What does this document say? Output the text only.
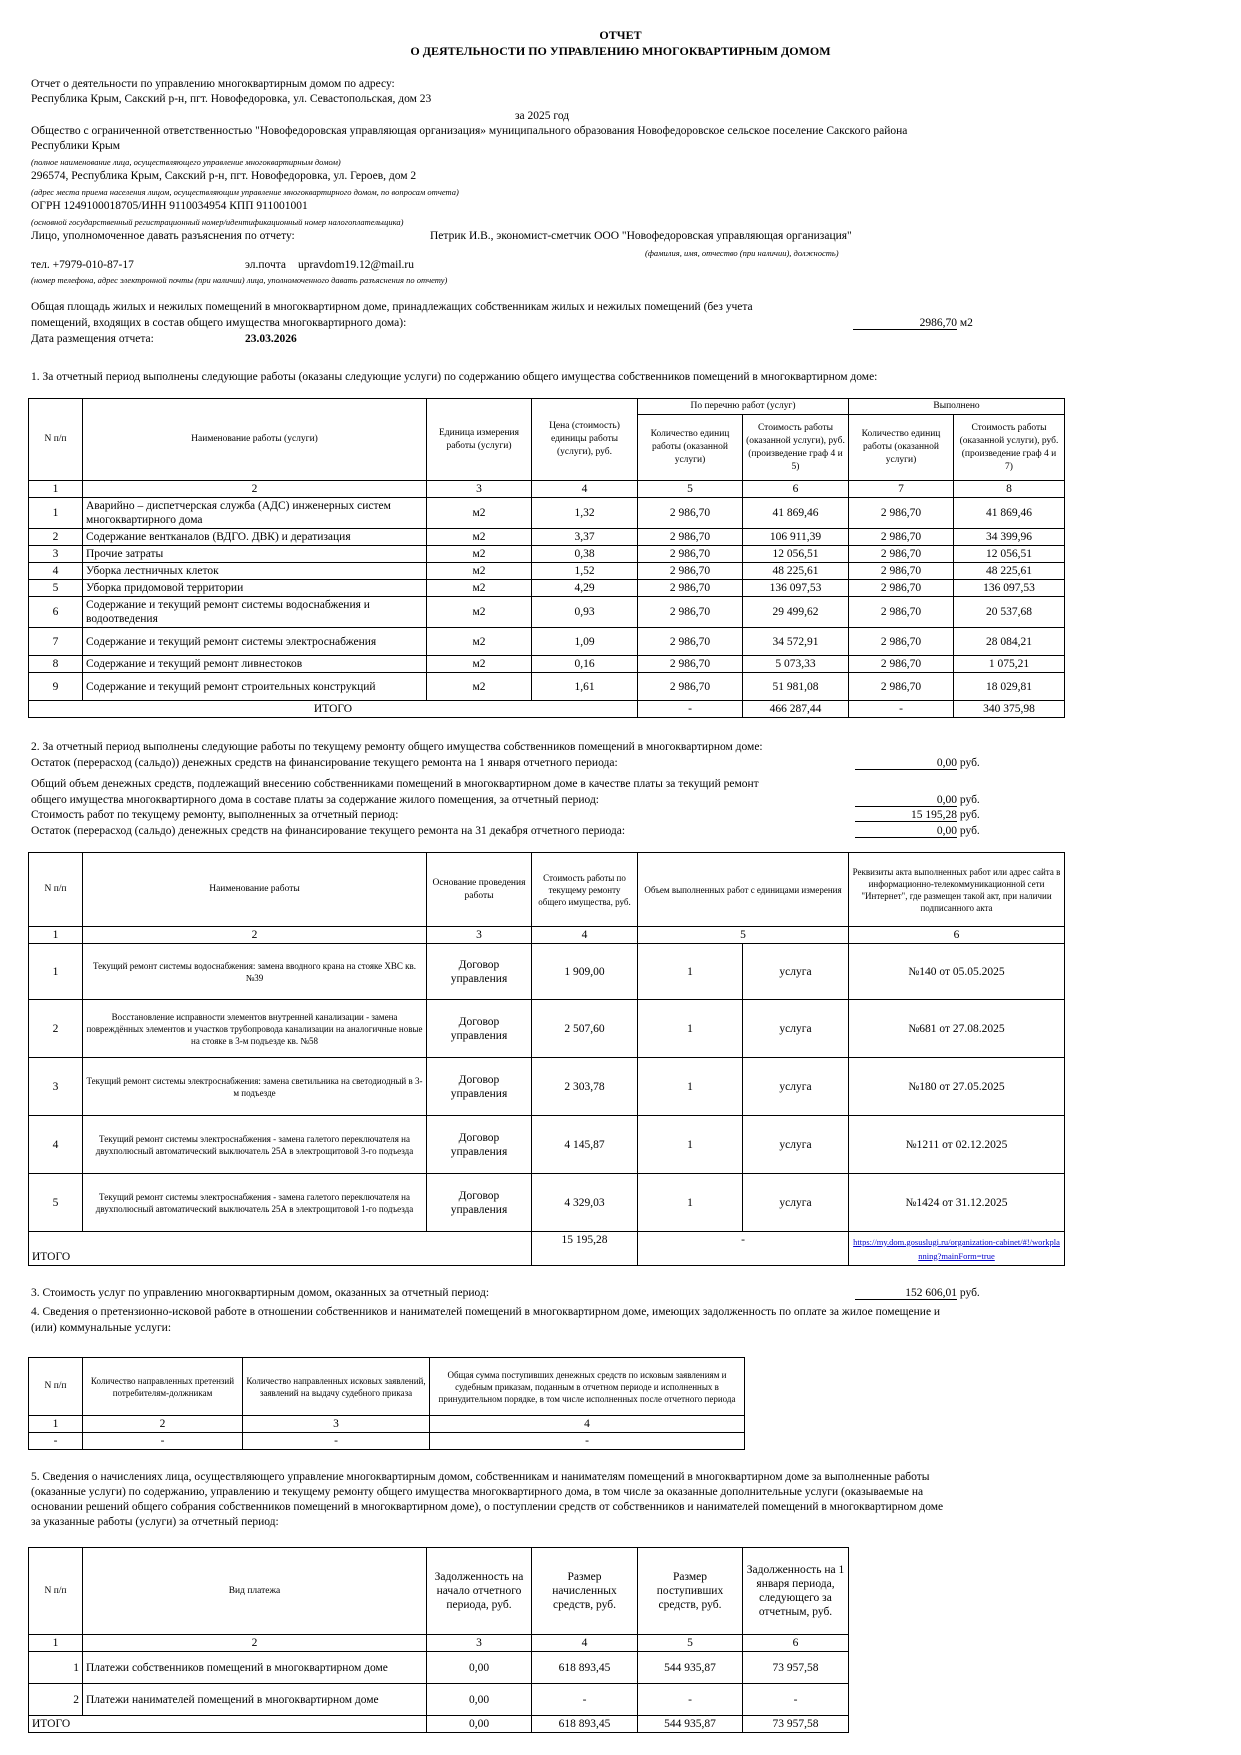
ОТЧЕТ
О ДЕЯТЕЛЬНОСТИ ПО УПРАВЛЕНИЮ МНОГОКВАРТИРНЫМ ДОМОМ
Отчет о деятельности по управлению многоквартирным домом по адресу:
Республика Крым, Сакский р-н, пгт. Новофедоровка, ул. Севастопольская, дом 23
за 2025 год
Общество с ограниченной ответственностью "Новофедоровская управляющая организация» муниципального образования Новофедоровское сельское поселение Сакского района
Республики Крым
(полное наименование лица, осуществляющего управление многоквартирным домом)
296574, Республика Крым, Сакский р-н, пгт. Новофедоровка, ул. Героев, дом 2
(адрес места приема населения лицом, осуществляющим управление многоквартирного домом, по вопросам отчета)
ОГРН 1249100018705/ИНН 9110034954 КПП 911001001
(основной государственный регистрационный номер/идентификационный номер налогоплательщика)
Лицо, уполномоченное давать разъяснения по отчету:	Петрик И.В., экономист-сметчик ООО "Новофедоровская управляющая организация"
(фамилия, имя, отчество (при наличии), должность)
тел. +7979-010-87-17	эл.почта upravdom19.12@mail.ru
(номер телефона, адрес электронной почты (при наличии) лица, уполномоченного давать разъяснения по отчету)
Общая площадь жилых и нежилых помещений в многоквартирном доме, принадлежащих собственникам жилых и нежилых помещений (без учета
помещений, входящих в состав общего имущества многоквартирного дома):	2986,70 м2
Дата размещения отчета:	23.03.2026
1. За отчетный период выполнены следующие работы (оказаны следующие услуги) по содержанию общего имущества собственников помещений в многоквартирном доме:
N п/п	Наименование работы (услуги)	Единица измерения работы (услуги)	Цена (стоимость) единицы работы (услуги), руб.	По перечню работ (услуг)		Выполнено	
				Количество единиц работы (оказанной услуги)	Стоимость работы (оказанной услуги), руб. (произведение граф 4 и 5)	Количество единиц работы (оказанной услуги)	Стоимость работы (оказанной услуги), руб. (произведение граф 4 и 7)
1	2	3	4	5	6	7	8
1	Аварийно – диспетчерская служба (АДС) инженерных систем многоквартирного дома	м2	1,32	2 986,70	41 869,46	2 986,70	41 869,46
2	Содержание вентканалов (ВДГО. ДВК) и дератизация	м2	3,37	2 986,70	106 911,39	2 986,70	34 399,96
3	Прочие затраты	м2	0,38	2 986,70	12 056,51	2 986,70	12 056,51
4	Уборка лестничных клеток	м2	1,52	2 986,70	48 225,61	2 986,70	48 225,61
5	Уборка придомовой территории	м2	4,29	2 986,70	136 097,53	2 986,70	136 097,53
6	Содержание и текущий ремонт системы водоснабжения и водоотведения	м2	0,93	2 986,70	29 499,62	2 986,70	20 537,68
7	Содержание и текущий ремонт системы электроснабжения	м2	1,09	2 986,70	34 572,91	2 986,70	28 084,21
8	Содержание и текущий ремонт ливнестоков	м2	0,16	2 986,70	5 073,33	2 986,70	1 075,21
9	Содержание и текущий ремонт строительных конструкций	м2	1,61	2 986,70	51 981,08	2 986,70	18 029,81
ИТОГО				-	466 287,44	-	340 375,98
2. За отчетный период выполнены следующие работы по текущему ремонту общего имущества собственников помещений в многоквартирном доме:
Остаток (перерасход (сальдо)) денежных средств на финансирование текущего ремонта на 1 января отчетного периода:	0,00 руб.
Общий объем денежных средств, подлежащий внесению собственниками помещений в многоквартирном доме в качестве платы за текущий ремонт
общего имущества многоквартирного дома в составе платы за содержание жилого помещения, за отчетный период:	0,00 руб.
Стоимость работ по текущему ремонту, выполненных за отчетный период:	15 195,28 руб.
Остаток (перерасход (сальдо) денежных средств на финансирование текущего ремонта на 31 декабря отчетного периода:	0,00 руб.
N п/п	Наименование работы	Основание проведения работы	Стоимость работы по текущему ремонту общего имущества, руб.	Объем выполненных работ с единицами измерения		Реквизиты акта выполненных работ или адрес сайта в информационно-телекоммуникационной сети "Интернет", где размещен такой акт, при наличии подписанного акта
1	2	3	4	5		6
1	Текущий ремонт системы водоснабжения: замена вводного крана на стояке ХВС кв.№39	Договор управления	1 909,00	1	услуга	№140 от 05.05.2025
2	Восстановление исправности элементов внутренней канализации - замена повреждённых элементов и участков трубопровода канализации на аналогичные новые на стояке в 3-м подъезде кв. №58	Договор управления	2 507,60	1	услуга	№681 от 27.08.2025
3	Текущий ремонт системы электроснабжения: замена светильника на светодиодный в 3-м подъезде	Договор управления	2 303,78	1	услуга	№180 от 27.05.2025
4	Текущий ремонт системы электроснабжения - замена галетого переключателя на двухполюсный автоматический выключатель 25А в электрощитовой 3-го подъезда	Договор управления	4 145,87	1	услуга	№1211 от 02.12.2025
5	Текущий ремонт системы электроснабжения - замена галетого переключателя на двухполюсный автоматический выключатель 25А в электрощитовой 1-го подъезда	Договор управления	4 329,03	1	услуга	№1424 от 31.12.2025
ИТОГО			15 195,28	-		https://my.dom.gosuslugi.ru/organization-cabinet/#!/workplanning?mainForm=true
3. Стоимость услуг по управлению многоквартирным домом, оказанных за отчетный период:	152 606,01 руб.
4. Сведения о претензионно-исковой работе в отношении собственников и нанимателей помещений в многоквартирном доме, имеющих задолженность по оплате за жилое помещение и
(или) коммунальные услуги:
N п/п	Количество направленных претензий потребителям-должникам	Количество направленных исковых заявлений, заявлений на выдачу судебного приказа	Общая сумма поступивших денежных средств по исковым заявлениям и судебным приказам, поданным в отчетном периоде и исполненных в принудительном порядке, в том числе исполненных после отчетного периода
1	2	3	4
-	-	-	-
5. Сведения о начислениях лица, осуществляющего управление многоквартирным домом, собственникам и нанимателям помещений в многоквартирном доме за выполненные работы
(оказанные услуги) по содержанию, управлению и текущему ремонту общего имущества многоквартирного дома, в том числе за оказанные дополнительные услуги (оказываемые на
основании решений общего собрания собственников помещений в многоквартирном доме), о поступлении средств от собственников и нанимателей помещений в многоквартирном доме
за указанные работы (услуги) за отчетный период:
N п/п	Вид платежа	Задолженность на начало отчетного периода, руб.	Размер начисленных средств, руб.	Размер поступивших средств, руб.	Задолженность на 1 января периода, следующего за отчетным, руб.
1	2	3	4	5	6
1	Платежи собственников помещений в многоквартирном доме	0,00	618 893,45	544 935,87	73 957,58
2	Платежи нанимателей помещений в многоквартирном доме	0,00	-	-	-
ИТОГО		0,00	618 893,45	544 935,87	73 957,58
